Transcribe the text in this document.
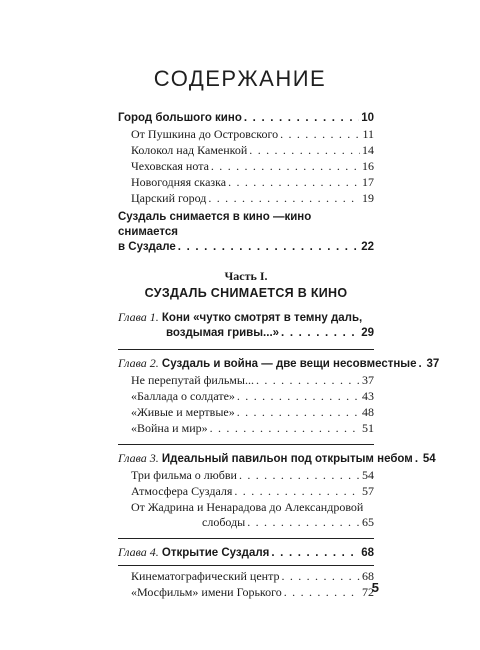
СОДЕРЖАНИЕ
Город большого кино . . .	10
От Пушкина до Островского . . .	11
Колокол над Каменкой . . .	14
Чеховская нота . . .	16
Новогодняя сказка . . .	17
Царский город . . .	19
Суздаль снимается в кино —кино снимается
в Суздале . . .	22
Часть I.
СУЗДАЛЬ СНИМАЕТСЯ В КИНО
Глава 1. Кони «чутко смотрят в темну даль,
воздымая гривы...» . . .	29
Глава 2. Суздаль и война — две вещи несовместные . . . 37
Не перепутай фильмы... . . .	37
«Баллада о солдате» . . .	43
«Живые и мертвые» . . .	48
«Война и мир» . . .	51
Глава 3. Идеальный павильон под открытым небом . . . 54
Три фильма о любви . . .	54
Атмосфера Суздаля . . .	57
От Жадрина и Ненарадова до Александровой
слободы . . .	65
Глава 4. Открытие Суздаля . . .	68
Кинематографический центр . . .	68
«Мосфильм» имени Горького . . .	72
5
